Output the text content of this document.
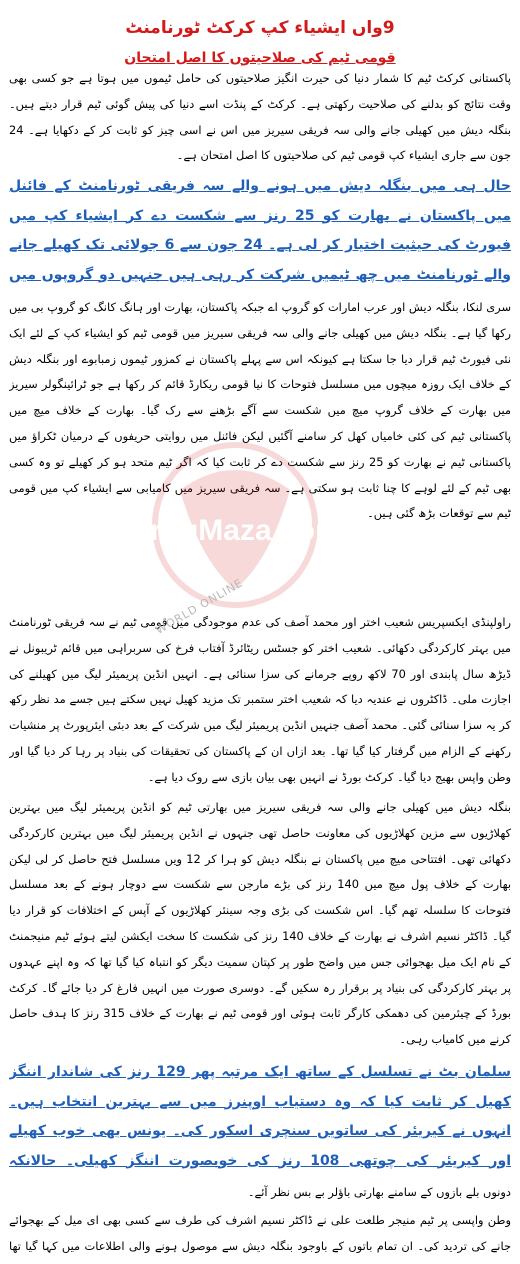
9واں ایشیاء کپ کرکٹ ٹورنامنٹ
قومی ٹیم کی صلاحیتوں کا اصل امتحان

پاکستانی کرکٹ ٹیم کا شمار دنیا کی حیرت انگیز صلاحیتوں کی حامل ٹیموں میں ہوتا ہے جو کسی بھی وقت نتائج کو بدلنے کی صلاحیت رکھتی ہے۔ کرکٹ کے پنڈت اسے دنیا کی پیش گوئی ٹیم قرار دیتے ہیں۔ بنگلہ دیش میں کھیلی جانے والی سہ فریقی سیریز میں اس نے اسی چیز کو ثابت کر کے دکھایا ہے۔ 24 جون سے جاری ایشیاء کپ قومی ٹیم کی صلاحیتوں کا اصل امتحان ہے۔

حال ہی میں بنگلہ دیش میں ہونے والے سہ فریقی ٹورنامنٹ کے فائنل میں پاکستان نے بھارت کو 25 رنز سے شکست دے کر ایشیاء کپ میں فیورٹ کی حیثیت اختیار کر لی ہے۔ 24 جون سے 6 جولائی تک کھیلے جانے والے ٹورنامنٹ میں چھ ٹیمیں شرکت کر رہی ہیں جنہیں دو گروپوں میں

سری لنکا، بنگلہ دیش اور عرب امارات کو گروپ اے جبکہ پاکستان، بھارت اور ہانگ کانگ کو گروپ بی میں رکھا گیا ہے۔ بنگلہ دیش میں کھیلی جانے والی سہ فریقی سیریز میں قومی ٹیم کو ایشیاء کپ کے لئے ایک نئی فیورٹ ٹیم قرار دیا جا سکتا ہے کیونکہ اس سے پہلے پاکستان نے کمزور ٹیموں زمبابوے اور بنگلہ دیش کے خلاف ایک روزہ میچوں میں مسلسل فتوحات کا نیا قومی ریکارڈ قائم کر رکھا ہے جو ٹرائینگولر سیریز میں بھارت کے خلاف گروپ میچ میں شکست سے آگے بڑھنے سے رک گیا۔ بھارت کے خلاف میچ میں پاکستانی ٹیم کی کئی خامیاں کھل کر سامنے آگئیں لیکن فائنل میں روایتی حریفوں کے درمیان ٹکراؤ میں پاکستانی ٹیم نے بھارت کو 25 رنز سے شکست دے کر ثابت کیا کہ اگر ٹیم متحد ہو کر کھیلے تو وہ کسی بھی ٹیم کے لئے لوہے کا چنا ثابت ہو سکتی ہے۔ سہ فریقی سیریز میں کامیابی سے ایشیاء کپ میں قومی ٹیم سے توقعات بڑھ گئی ہیں۔

راولپنڈی ایکسپریس شعیب اختر اور محمد آصف کی عدم موجودگی میں قومی ٹیم نے سہ فریقی ٹورنامنٹ میں بہتر کارکردگی دکھائی۔ شعیب اختر کو جسٹس ریٹائرڈ آفتاب فرخ کی سربراہی میں قائم ٹریبونل نے ڈیڑھ سال پابندی اور 70 لاکھ روپے جرمانے کی سزا سنائی ہے۔ انہیں انڈین پریمیئر لیگ میں کھیلنے کی اجازت ملی۔ ڈاکٹروں نے عندیہ دیا کہ شعیب اختر ستمبر تک مزید کھیل نہیں سکتے ہیں جسے مد نظر رکھ کر یہ سزا سنائی گئی۔ محمد آصف جنہیں انڈین پریمیئر لیگ میں شرکت کے بعد دبئی ایئرپورٹ پر منشیات رکھنے کے الزام میں گرفتار کیا گیا تھا۔ بعد ازاں ان کے پاکستان کی تحقیقات کی بنیاد پر رہا کر دیا گیا اور وطن واپس بھیج دیا گیا۔ کرکٹ بورڈ نے انہیں بھی بیان بازی سے روک دیا ہے۔

بنگلہ دیش میں کھیلی جانے والی سہ فریقی سیریز میں بھارتی ٹیم کو انڈین پریمیئر لیگ میں بہترین کھلاڑیوں سے مزین کھلاڑیوں کی معاونت حاصل تھی جنہوں نے انڈین پریمیئر لیگ میں بہترین کارکردگی دکھائی تھی۔ افتتاحی میچ میں پاکستان نے بنگلہ دیش کو ہرا کر 12 ویں مسلسل فتح حاصل کر لی لیکن بھارت کے خلاف پول میچ میں 140 رنز کی بڑے مارجن سے شکست سے دوچار ہونے کے بعد مسلسل فتوحات کا سلسلہ تھم گیا۔ اس شکست کی بڑی وجہ سینئر کھلاڑیوں کے آپس کے اختلافات کو قرار دیا گیا۔ ڈاکٹر نسیم اشرف نے بھارت کے خلاف 140 رنز کی شکست کا سخت ایکشن لیتے ہوئے ٹیم منیجمنٹ کے نام ایک میل بھجوائی جس میں واضح طور پر کپتان سمیت دیگر کو انتباہ کیا گیا تھا کہ وہ اپنے عہدوں پر بہتر کارکردگی کی بنیاد پر برقرار رہ سکیں گے۔ دوسری صورت میں انہیں فارغ کر دیا جائے گا۔ کرکٹ بورڈ کے چیئرمین کی دھمکی کارگر ثابت ہوئی اور قومی ٹیم نے بھارت کے خلاف 315 رنز کا ہدف حاصل کرنے میں کامیاب رہی۔

سلمان بٹ نے تسلسل کے ساتھ ایک مرتبہ پھر 129 رنز کی شاندار اننگز کھیل کر ثابت کیا کہ وہ دستیاب اوپنرز میں سے بہترین انتخاب ہیں۔ انہوں نے کیریئر کی ساتویں سنچری اسکور کی۔ یونس بھی خوب کھیلے اور کیریئر کی چوتھی 108 رنز کی خوبصورت اننگز کھیلی۔ حالانکہ

دونوں بلے بازوں کے سامنے بھارتی باؤلر بے بس نظر آئے۔

وطن واپسی پر ٹیم منیجر طلعت علی نے ڈاکٹر نسیم اشرف کی طرف سے کسی بھی ای میل کے بھجوائے جانے کی تردید کی۔ ان تمام باتوں کے باوجود بنگلہ دیش سے موصول ہونے والی اطلاعات میں کہا گیا تھا

UrduMaza.com
WORLD ONLINE
